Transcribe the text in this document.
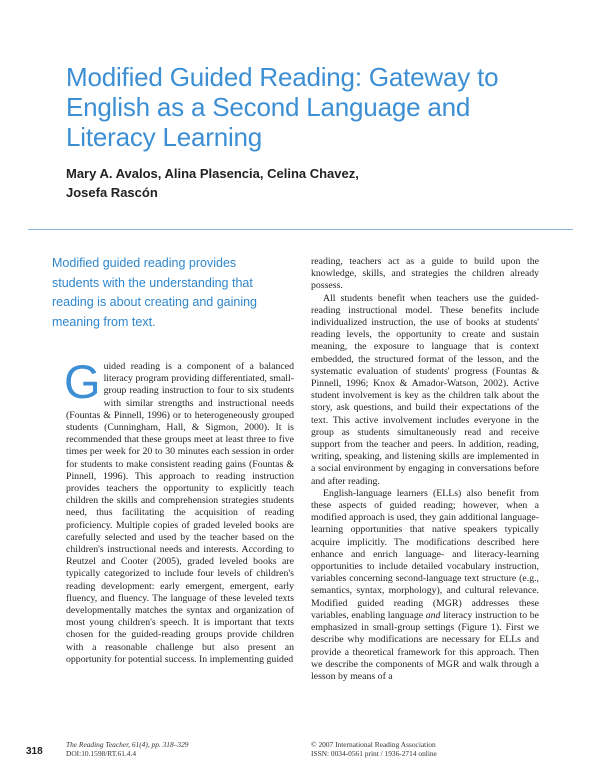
Modified Guided Reading: Gateway to English as a Second Language and Literacy Learning
Mary A. Avalos, Alina Plasencia, Celina Chavez,
Josefa Rascón

Modified guided reading provides students with the understanding that reading is about creating and gaining meaning from text.

Guided reading is a component of a balanced literacy program providing differentiated, small-group reading instruction to four to six students with similar strengths and instructional needs (Fountas & Pinnell, 1996) or to heterogeneously grouped students (Cunningham, Hall, & Sigmon, 2000). It is recommended that these groups meet at least three to five times per week for 20 to 30 minutes each session in order for students to make consistent reading gains (Fountas & Pinnell, 1996). This approach to reading instruction provides teachers the opportunity to explicitly teach children the skills and comprehension strategies students need, thus facilitating the acquisition of reading proficiency. Multiple copies of graded leveled books are carefully selected and used by the teacher based on the children's instructional needs and interests. According to Reutzel and Cooter (2005), graded leveled books are typically categorized to include four levels of children's reading development: early emergent, emergent, early fluency, and fluency. The language of these leveled texts developmentally matches the syntax and organization of most young children's speech. It is important that texts chosen for the guided-reading groups provide children with a reasonable challenge but also present an opportunity for potential success. In implementing guided

reading, teachers act as a guide to build upon the knowledge, skills, and strategies the children already possess.

All students benefit when teachers use the guided-reading instructional model. These benefits include individualized instruction, the use of books at students' reading levels, the opportunity to create and sustain meaning, the exposure to language that is context embedded, the structured format of the lesson, and the systematic evaluation of students' progress (Fountas & Pinnell, 1996; Knox & Amador-Watson, 2002). Active student involvement is key as the children talk about the story, ask questions, and build their expectations of the text. This active involvement includes everyone in the group as students simultaneously read and receive support from the teacher and peers. In addition, reading, writing, speaking, and listening skills are implemented in a social environment by engaging in conversations before and after reading.

English-language learners (ELLs) also benefit from these aspects of guided reading; however, when a modified approach is used, they gain additional language-learning opportunities that native speakers typically acquire implicitly. The modifications described here enhance and enrich language- and literacy-learning opportunities to include detailed vocabulary instruction, variables concerning second-language text structure (e.g., semantics, syntax, morphology), and cultural relevance. Modified guided reading (MGR) addresses these variables, enabling language and literacy instruction to be emphasized in small-group settings (Figure 1). First we describe why modifications are necessary for ELLs and provide a theoretical framework for this approach. Then we describe the components of MGR and walk through a lesson by means of a

318
The Reading Teacher, 61(4), pp. 318–329
DOI:10.1598/RT.61.4.4
© 2007 International Reading Association
ISSN: 0034-0561 print / 1936-2714 online
